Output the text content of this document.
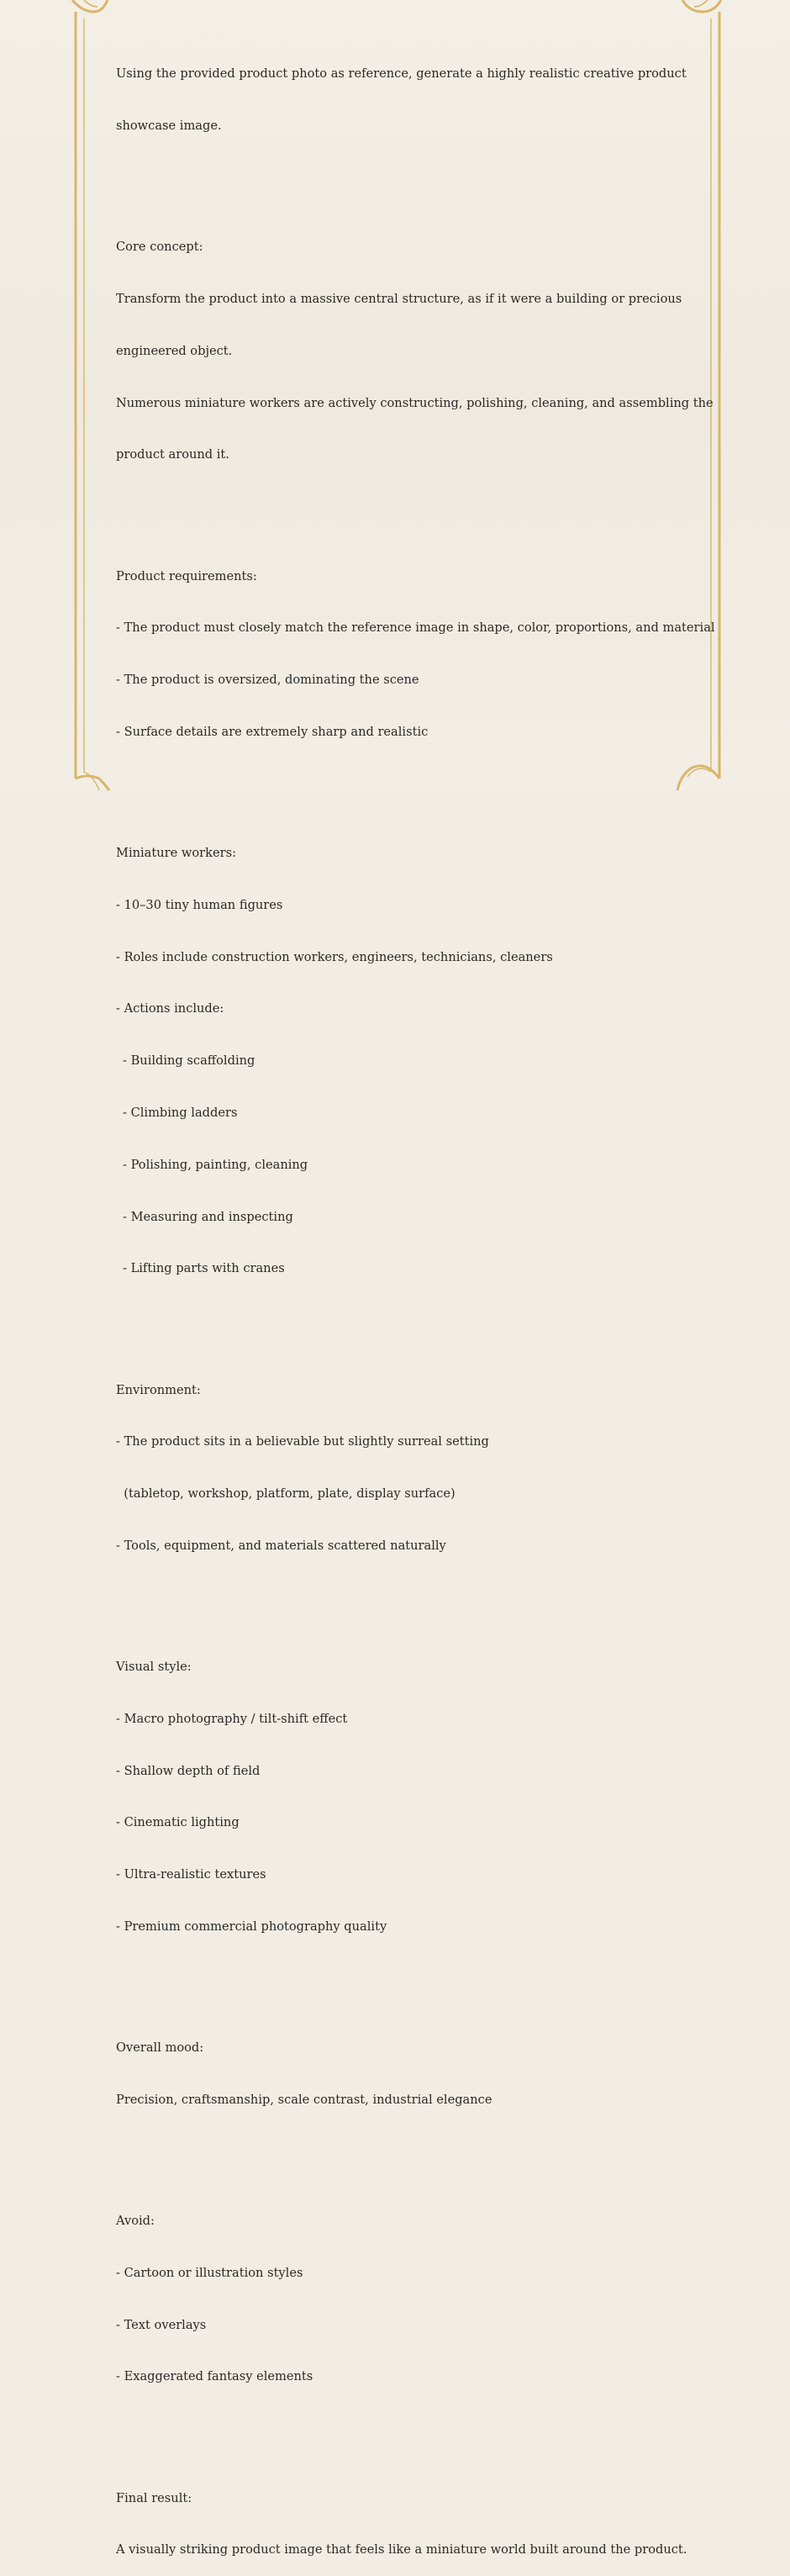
Using the provided product photo as reference, generate a highly realistic creative product

showcase image.

Core concept:

Transform the product into a massive central structure, as if it were a building or precious

engineered object.

Numerous miniature workers are actively constructing, polishing, cleaning, and assembling the

product around it.

Product requirements:

- The product must closely match the reference image in shape, color, proportions, and material

- The product is oversized, dominating the scene

- Surface details are extremely sharp and realistic

Miniature workers:

- 10–30 tiny human figures

- Roles include construction workers, engineers, technicians, cleaners

- Actions include:

- Building scaffolding

- Climbing ladders

- Polishing, painting, cleaning

- Measuring and inspecting

- Lifting parts with cranes

Environment:

- The product sits in a believable but slightly surreal setting

(tabletop, workshop, platform, plate, display surface)

- Tools, equipment, and materials scattered naturally

Visual style:

- Macro photography / tilt-shift effect

- Shallow depth of field

- Cinematic lighting

- Ultra-realistic textures

- Premium commercial photography quality

Overall mood:

Precision, craftsmanship, scale contrast, industrial elegance

Avoid:

- Cartoon or illustration styles

- Text overlays

- Exaggerated fantasy elements

Final result:

A visually striking product image that feels like a miniature world built around the product.
